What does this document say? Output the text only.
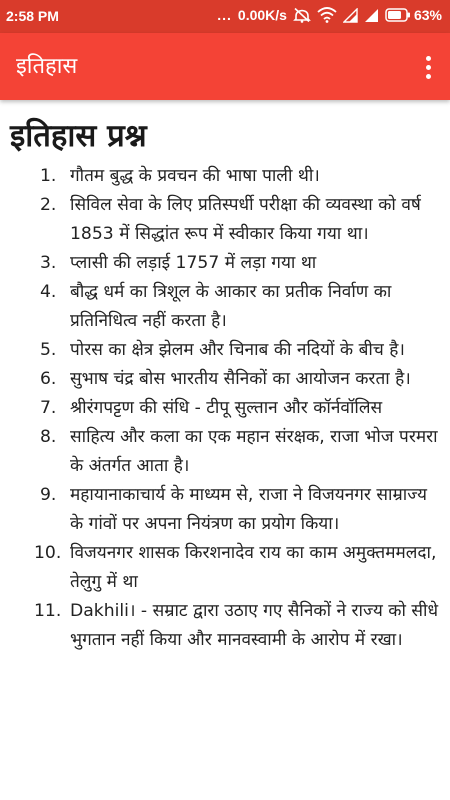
2:58 PM	... 0.00K/s	63%
इतिहास
इतिहास प्रश्न
1. गौतम बुद्ध के प्रवचन की भाषा पाली थी।
2. सिविल सेवा के लिए प्रतिस्पर्धी परीक्षा की व्यवस्था को वर्ष 1853 में सिद्धांत रूप में स्वीकार किया गया था।
3. प्लासी की लड़ाई 1757 में लड़ा गया था
4. बौद्ध धर्म का त्रिशूल के आकार का प्रतीक निर्वाण का प्रतिनिधित्व नहीं करता है।
5. पोरस का क्षेत्र झेलम और चिनाब की नदियों के बीच है।
6. सुभाष चंद्र बोस भारतीय सैनिकों का आयोजन करता है।
7. श्रीरंगपट्टण की संधि - टीपू सुल्तान और कॉर्नवॉलिस
8. साहित्य और कला का एक महान संरक्षक, राजा भोज परमरा के अंतर्गत आता है।
9. महायानाकाचार्य के माध्यम से, राजा ने विजयनगर साम्राज्य के गांवों पर अपना नियंत्रण का प्रयोग किया।
10. विजयनगर शासक किरशनादेव राय का काम अमुक्तममलदा, तेलुगु में था
11. Dakhili। - सम्राट द्वारा उठाए गए सैनिकों ने राज्य को सीधे भुगतान नहीं किया और मानवस्वामी के आरोप में रखा।
